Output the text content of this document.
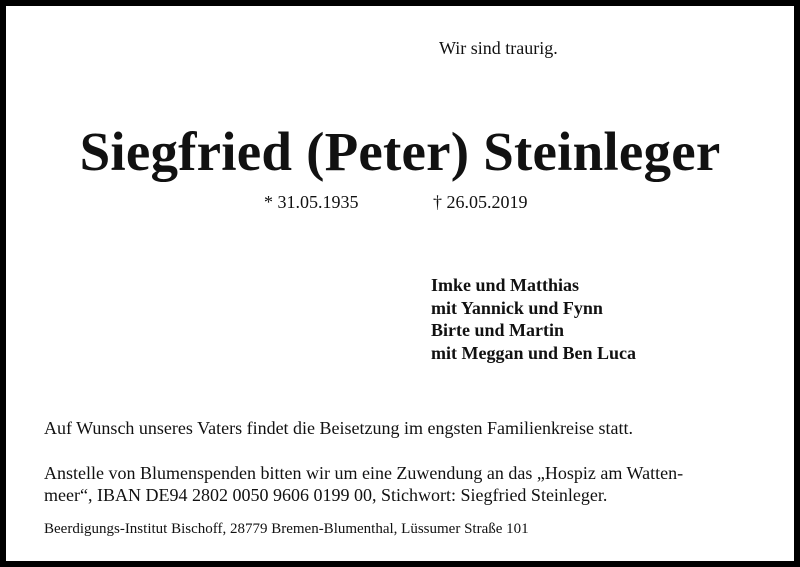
Wir sind traurig.
Siegfried (Peter) Steinleger
* 31.05.1935	† 26.05.2019
Imke und Matthias
mit Yannick und Fynn
Birte und Martin
mit Meggan und Ben Luca
Auf Wunsch unseres Vaters findet die Beisetzung im engsten Familienkreise statt.
Anstelle von Blumenspenden bitten wir um eine Zuwendung an das „Hospiz am Watten-
meer“, IBAN DE94 2802 0050 9606 0199 00, Stichwort: Siegfried Steinleger.
Beerdigungs-Institut Bischoff, 28779 Bremen-Blumenthal, Lüssumer Straße 101
